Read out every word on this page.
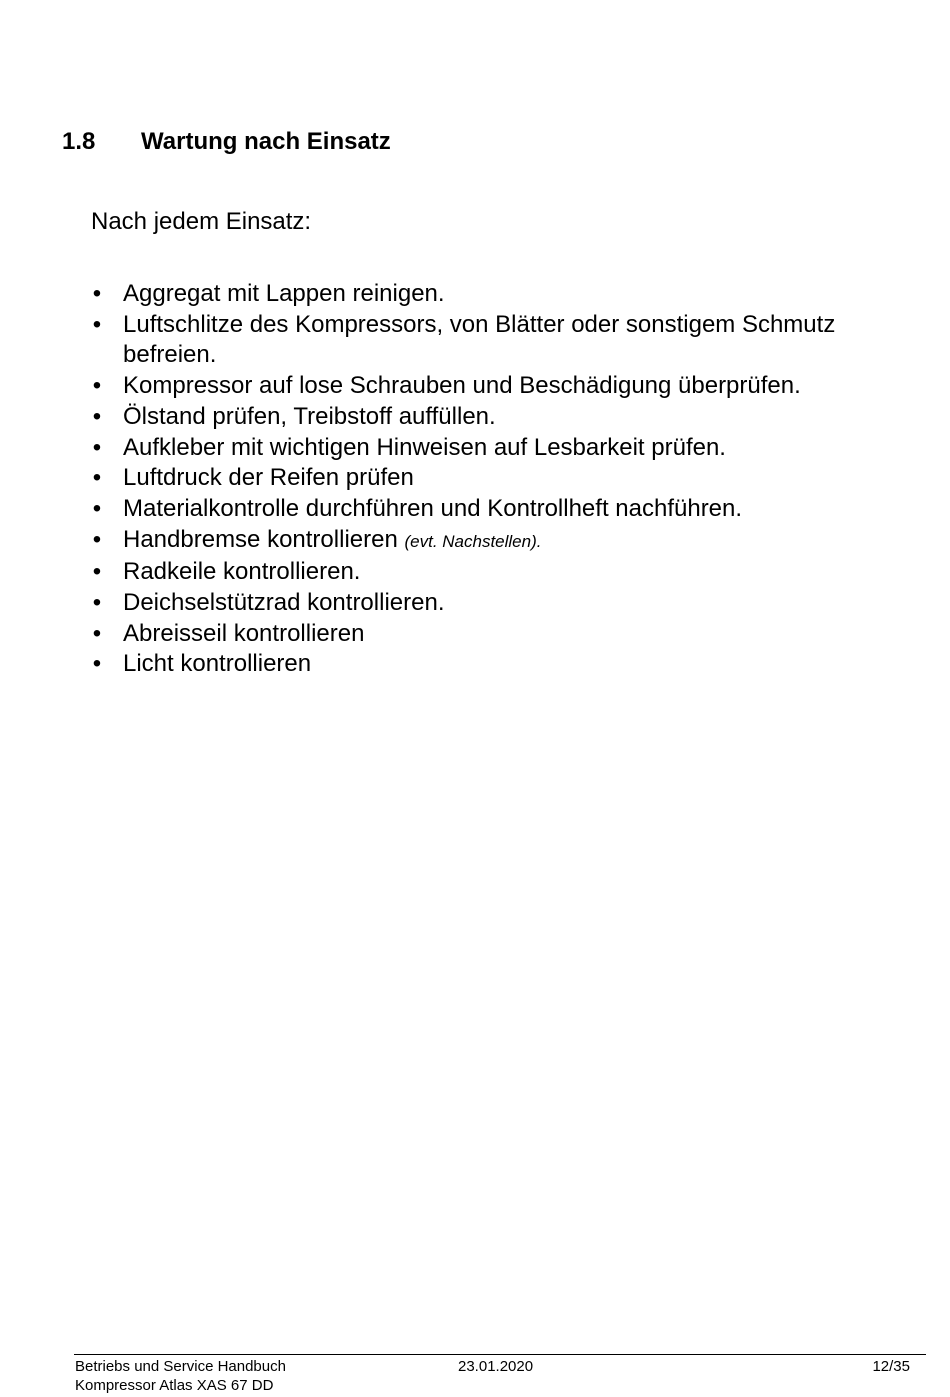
1.8 Wartung nach Einsatz
Nach jedem Einsatz:
• Aggregat mit Lappen reinigen.
• Luftschlitze des Kompressors, von Blätter oder sonstigem Schmutz befreien.
• Kompressor auf lose Schrauben und Beschädigung überprüfen.
• Ölstand prüfen, Treibstoff auffüllen.
• Aufkleber mit wichtigen Hinweisen auf Lesbarkeit prüfen.
• Luftdruck der Reifen prüfen
• Materialkontrolle durchführen und Kontrollheft nachführen.
• Handbremse kontrollieren (evt. Nachstellen).
• Radkeile kontrollieren.
• Deichselstützrad kontrollieren.
• Abreisseil kontrollieren
• Licht kontrollieren
Betriebs und Service Handbuch
Kompressor Atlas XAS 67 DD
23.01.2020	12/35
